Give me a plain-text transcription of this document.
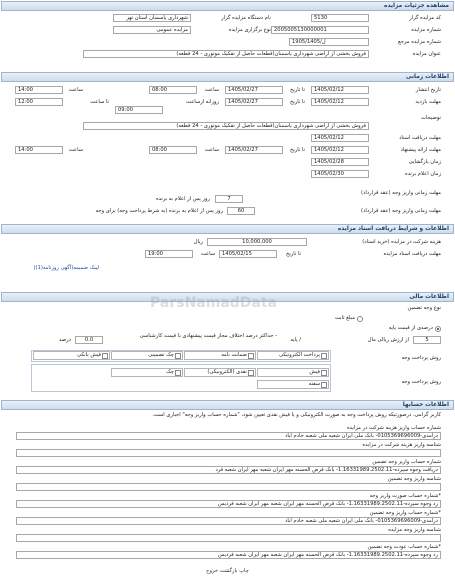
مشاهده جزئیات مزایده
کد مزایده گزار
5130
نام دستگاه مزایده گزار
شهرداری یاسمنان استان تهر
شماره مزایده
2005005130000001
نوع برگزاری مزایده
مزایده عمومی
شماره مزایده مرجع
1905/ل/1405
عنوان مزایده
فروش بخشی از اراضی شهرداری یاسمنان(قطعات حاصل از تفکیک موتوری - 24 قطعه)
اطلاعات زمانی
تاریخ انتشار
1405/02/12
تا تاریخ
1405/02/27
ساعت
08:00
ساعت
14:00
مهلت بازدید
1405/02/12
تا تاریخ
1405/02/27
روزانه ازساعت
09:00
تا ساعت
12:00
توضیحات
فروش بخشی از اراضی شهرداری یاسمنان(قطعات حاصل از تفکیک موتوری - 24 قطعه)
مهلت دریافت اسناد
1405/02/12
مهلت ارائه پیشنهاد
1405/02/12
تا تاریخ
1405/02/27
ساعت
08:00
ساعت
14:00
زمان بازگشایی
1405/02/28
زمان اعلام برنده
1405/02/30
مهلت زمانی واریز وجه (عقد قرارداد)
7
روز پس از اعلام به برنده
مهلت زمانی واریز وجه (عقد قرارداد)
60
روز پس از اعلام به برنده (به شرط پرداخت وجه) برای وجه
اطلاعات و شرایط دریافت اسناد مزایده
هزینه شرکت در مزایده (خرید اسناد)
10,000,000
ریال
مهلت دریافت اسناد مزایده
تا تاریخ
1405/02/15
ساعت
19:00
لینک ضمیمه(آگهی روزنامه(1))
اطلاعات مالی
نوع وجه تضمین
مبلغ ثابت
درصدی از قیمت پایه
5
از ارزش ریالی مال
- حداکثر درصد اختلاف مجاز قیمت پیشنهادی با قیمت کارشناسی
/ پایه
0.0
درصد
روش پرداخت وجه
پرداخت الکترونیکی
ضمانت نامه
چک تضمینی
فیش بانکی
روش پرداخت وجه
فیش
نقدی (الکترونیکی)
چک
سفته
اطلاعات حسابها
کاربر گرامی، درصورتیکه روش پرداخت وجه به صورت الکترونیکی و یا فیش نقدی تعیین شود، "شماره حساب واریز وجه" اجباری است.
شماره حساب واریز هزینه شرکت در مزایده
درآمدی-0105369696009- بانک ملی ایران شعبه ملی شعبه خادم آباد
شناسه واریز هزینه شرکت در مزایده
شماره حساب واریز وجه تضمین
دریافت وجوه سپرده-1.16331989.2502.11- بانک قرض الحسنه مهر ایران شعبه مهر ایران شعبه فرد
شناسه واریز وجه تضمین
*شماره حساب صورت واریز وجه
رد وجوه سپرده-1.16331989.2502.11- بانک قرض الحسنه مهر ایران شعبه مهر ایران شعبه فردیس
*شماره حساب واریز وجه تضمین
درآمدی-0105369696009- بانک ملی ایران شعبه ملی شعبه خادم آباد
شناسه واریز وجه مزایده
*شماره حساب عودت وجه تضمین
رد وجوه سپرده-1.16331989.2502.11- بانک قرض الحسنه مهر ایران شعبه مهر ایران شعبه فردیس
چاپ بازگشت خروج
ParsNamadData
